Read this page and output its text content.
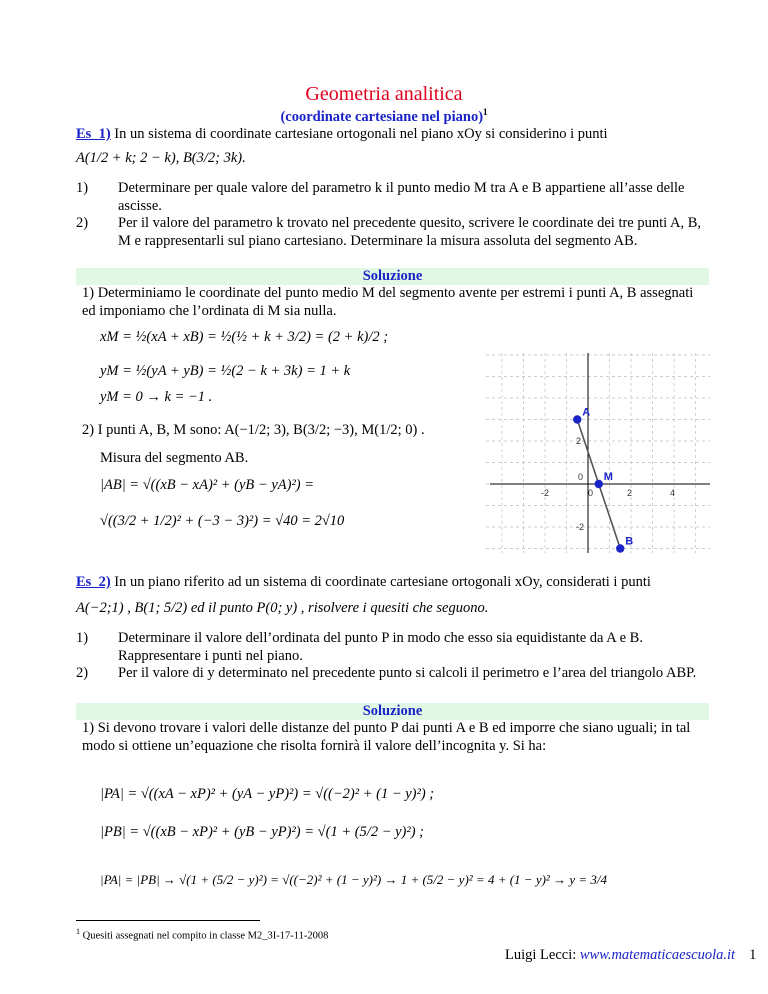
Geometria analitica
(coordinate cartesiane nel piano)$^1$
Es_1) In un sistema di coordinate cartesiane ortogonali nel piano xOy si considerino i punti
A(1/2 + k; 2 − k), B(3/2; 3k).
1) Determinare per quale valore del parametro k il punto medio M tra A e B appartiene all’asse delle ascisse.
2) Per il valore del parametro k trovato nel precedente quesito, scrivere le coordinate dei tre punti A, B, M e rappresentarli sul piano cartesiano. Determinare la misura assoluta del segmento AB.
Soluzione
1) Determiniamo le coordinate del punto medio M del segmento avente per estremi i punti A, B assegnati ed imponiamo che l’ordinata di M sia nulla.
xM = ½(xA + xB) = ½(½ + k + 3/2) = (2 + k)/2 ;
yM = ½(yA + yB) = ½(2 − k + 3k) = 1 + k
yM = 0 → k = −1 .
2) I punti A, B, M sono: A(−1/2; 3), B(3/2; −3), M(1/2; 0) .
Misura del segmento AB.
|AB| = √((xB − xA)² + (yB − yA)²) =
√((3/2 + 1/2)² + (−3 − 3)²) = √40 = 2√10
-2	0	2	4
2
-2
0
A
M
B
Es_2) In un piano riferito ad un sistema di coordinate cartesiane ortogonali xOy, considerati i punti
A(−2;1) , B(1; 5/2) ed il punto P(0; y) , risolvere i quesiti che seguono.
1) Determinare il valore dell’ordinata del punto P in modo che esso sia equidistante da A e B. Rappresentare i punti nel piano.
2) Per il valore di y determinato nel precedente punto si calcoli il perimetro e l’area del triangolo ABP.
Soluzione
1) Si devono trovare i valori delle distanze del punto P dai punti A e B ed imporre che siano uguali; in tal modo si ottiene un’equazione che risolta fornirà il valore dell’incognita y. Si ha:
|PA| = √((xA − xP)² + (yA − yP)²) = √((−2)² + (1 − y)²) ;
|PB| = √((xB − xP)² + (yB − yP)²) = √(1 + (5/2 − y)²) ;
|PA| = |PB| → √(1 + (5/2 − y)²) = √((−2)² + (1 − y)²) → 1 + (5/2 − y)² = 4 + (1 − y)² → y = 3/4
$^1$ Quesiti assegnati nel compito in classe M2_3I-17-11-2008
Luigi Lecci: www.matematicaescuola.it 1
